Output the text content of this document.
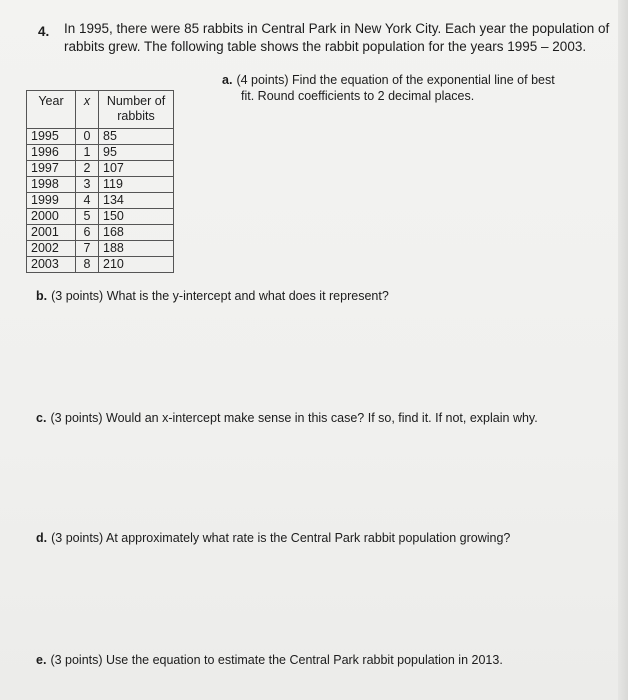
4. In 1995, there were 85 rabbits in Central Park in New York City. Each year the population of rabbits grew. The following table shows the rabbit population for the years 1995 – 2003.
Year	x	Number of rabbits
1995	0	85
1996	1	95
1997	2	107
1998	3	119
1999	4	134
2000	5	150
2001	6	168
2002	7	188
2003	8	210
a. (4 points) Find the equation of the exponential line of best
fit. Round coefficients to 2 decimal places.
b. (3 points) What is the y-intercept and what does it represent?
c. (3 points) Would an x-intercept make sense in this case? If so, find it. If not, explain why.
d. (3 points) At approximately what rate is the Central Park rabbit population growing?
e. (3 points) Use the equation to estimate the Central Park rabbit population in 2013.
